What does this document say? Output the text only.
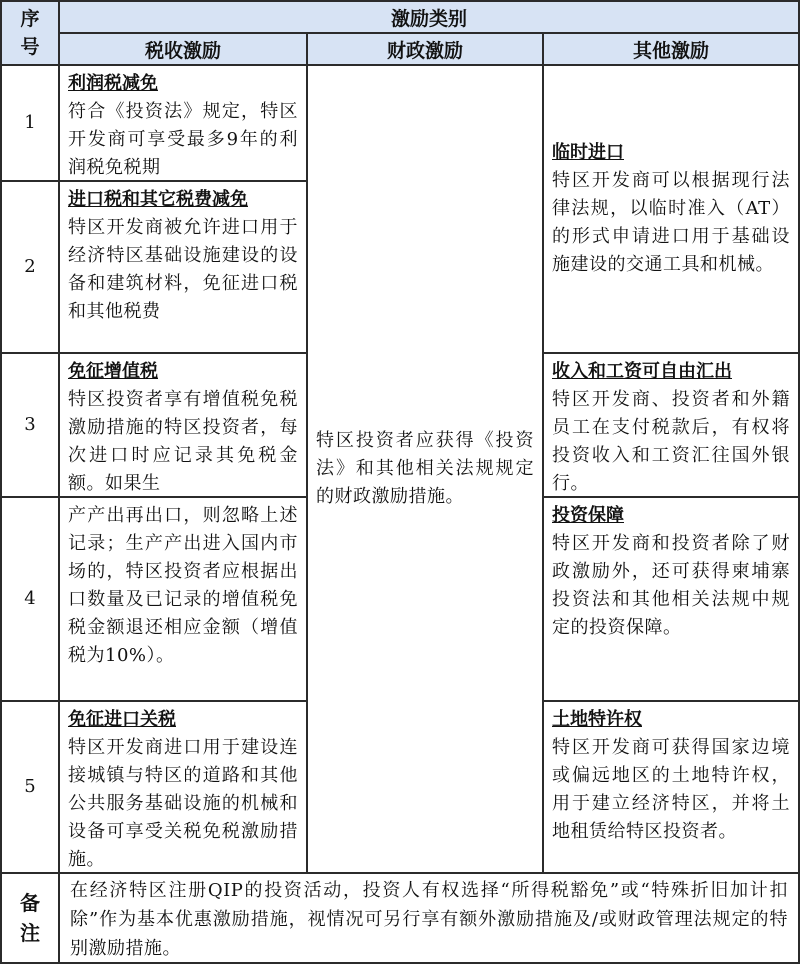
序
号
激励类别
税收激励	财政激励	其他激励
1
2
3
4
5
利润税减免
符合《投资法》规定，特区开发商可享受最多9年的利润税免税期
进口税和其它税费减免
特区开发商被允许进口用于经济特区基础设施建设的设备和建筑材料，免征进口税和其他税费
免征增值税
特区投资者享有增值税免税激励措施的特区投资者，每次进口时应记录其免税金额。如果生
产产出再出口，则忽略上述记录；生产产出进入国内市场的，特区投资者应根据出口数量及已记录的增值税免税金额退还相应金额（增值税为10%）。
免征进口关税
特区开发商进口用于建设连接城镇与特区的道路和其他公共服务基础设施的机械和设备可享受关税免税激励措施。
特区投资者应获得《投资法》和其他相关法规规定的财政激励措施。
临时进口
特区开发商可以根据现行法律法规，以临时准入（AT）的形式申请进口用于基础设施建设的交通工具和机械。
收入和工资可自由汇出
特区开发商、投资者和外籍员工在支付税款后，有权将投资收入和工资汇往国外银行。
投资保障
特区开发商和投资者除了财政激励外，还可获得柬埔寨投资法和其他相关法规中规定的投资保障。
土地特许权
特区开发商可获得国家边境或偏远地区的土地特许权，用于建立经济特区，并将土地租赁给特区投资者。
备
注
在经济特区注册QIP的投资活动，投资人有权选择“所得税豁免”或“特殊折旧加计扣除”作为基本优惠激励措施，视情况可另行享有额外激励措施及/或财政管理法规定的特别激励措施。
